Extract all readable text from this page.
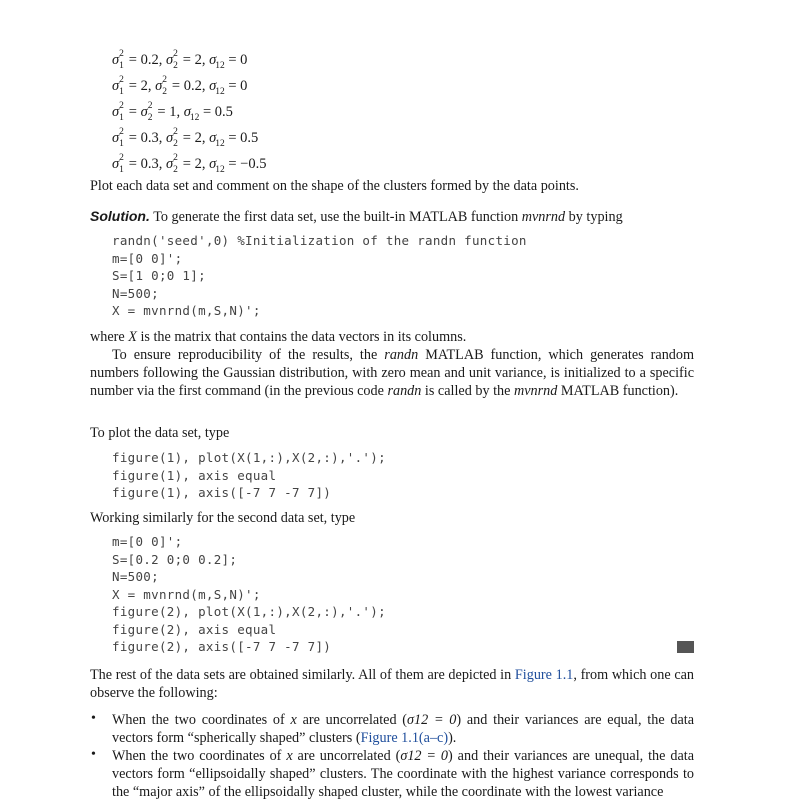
σ 2
1 = 0.2, σ 2
2 = 2, $\sigma_{12} = 0$
σ 2
1 = 2, σ 2
2 = 0.2, $\sigma_{12} = 0$
σ 2
1 = σ 2
2 = 1, $\sigma_{12} = 0.5$
σ 2
1 = 0.3, σ 2
2 = 2, $\sigma_{12} = 0.5$
σ 2
1 = 0.3, σ 2
2 = 2, $\sigma_{12} = -0.5$
Plot each data set and comment on the shape of the clusters formed by the data points.
Solution. To generate the first data set, use the built-in MATLAB function mvnrnd by typing
randn('seed',0) %Initialization of the randn function
m=[0 0]';
S=[1 0;0 1];
N=500;
X = mvnrnd(m,S,N)';
where X is the matrix that contains the data vectors in its columns.
To ensure reproducibility of the results, the randn MATLAB function, which generates random numbers following the Gaussian distribution, with zero mean and unit variance, is initialized to a specific number via the first command (in the previous code randn is called by the mvnrnd MATLAB function).
To plot the data set, type
figure(1), plot(X(1,:),X(2,:),'.');
figure(1), axis equal
figure(1), axis([-7 7 -7 7])
Working similarly for the second data set, type
m=[0 0]';
S=[0.2 0;0 0.2];
N=500;
X = mvnrnd(m,S,N)';
figure(2), plot(X(1,:),X(2,:),'.');
figure(2), axis equal
figure(2), axis([-7 7 -7 7])
The rest of the data sets are obtained similarly. All of them are depicted in Figure 1.1, from which one can observe the following:
• When the two coordinates of x are uncorrelated (σ12 = 0) and their variances are equal, the data vectors form “spherically shaped” clusters (Figure 1.1(a–c)).
• When the two coordinates of x are uncorrelated (σ12 = 0) and their variances are unequal, the data vectors form “ellipsoidally shaped” clusters. The coordinate with the highest variance corresponds to the “major axis” of the ellipsoidally shaped cluster, while the coordinate with the lowest variance
